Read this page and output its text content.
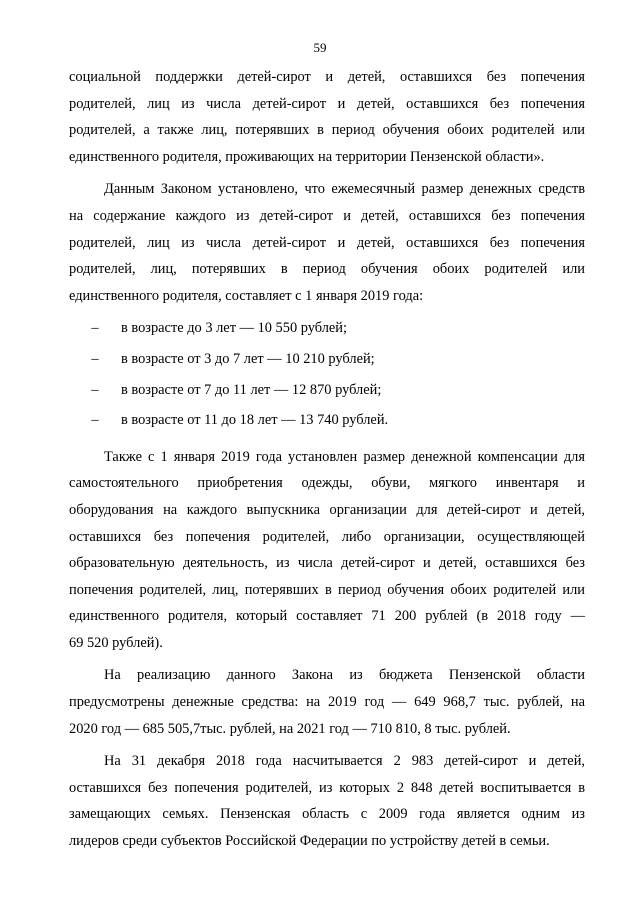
59
социальной поддержки детей-сирот и детей, оставшихся без попечения
родителей, лиц из числа детей-сирот и детей, оставшихся без попечения
родителей, а также лиц, потерявших в период обучения обоих родителей или
единственного родителя, проживающих на территории Пензенской области».
Данным Законом установлено, что ежемесячный размер денежных средств
на содержание каждого из детей-сирот и детей, оставшихся без попечения
родителей, лиц из числа детей-сирот и детей, оставшихся без попечения
родителей, лиц, потерявших в период обучения обоих родителей или
единственного родителя, составляет с 1 января 2019 года:
– в возрасте до 3 лет — 10 550 рублей;
– в возрасте от 3 до 7 лет — 10 210 рублей;
– в возрасте от 7 до 11 лет — 12 870 рублей;
– в возрасте от 11 до 18 лет — 13 740 рублей.
Также с 1 января 2019 года установлен размер денежной компенсации для
самостоятельного приобретения одежды, обуви, мягкого инвентаря и
оборудования на каждого выпускника организации для детей-сирот и детей,
оставшихся без попечения родителей, либо организации, осуществляющей
образовательную деятельность, из числа детей-сирот и детей, оставшихся без
попечения родителей, лиц, потерявших в период обучения обоих родителей или
единственного родителя, который составляет 71 200 рублей (в 2018 году —
69 520 рублей).
На реализацию данного Закона из бюджета Пензенской области
предусмотрены денежные средства: на 2019 год — 649 968,7 тыс. рублей, на
2020 год — 685 505,7тыс. рублей, на 2021 год — 710 810, 8 тыс. рублей.
На 31 декабря 2018 года насчитывается 2 983 детей-сирот и детей,
оставшихся без попечения родителей, из которых 2 848 детей воспитывается в
замещающих семьях. Пензенская область с 2009 года является одним из
лидеров среди субъектов Российской Федерации по устройству детей в семьи.
